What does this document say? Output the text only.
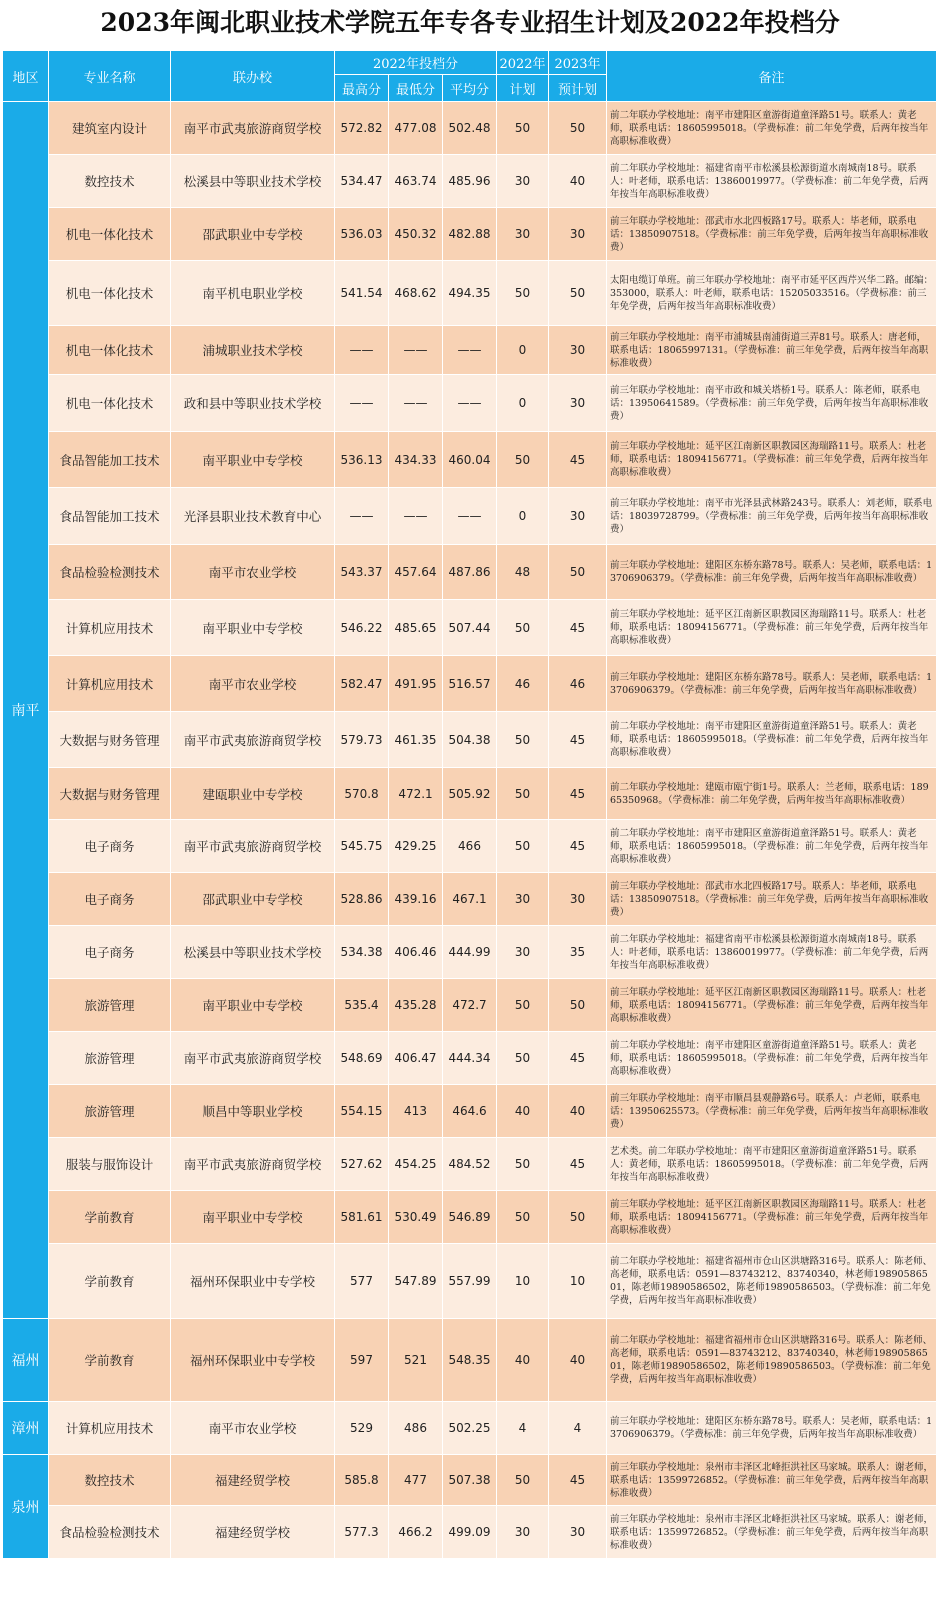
2023年闽北职业技术学院五年专各专业招生计划及2022年投档分
地区	专业名称	联办校	2022年投档分			2022年	2023年	备注
			最高分	最低分	平均分	计划	预计划	
南平	建筑室内设计	南平市武夷旅游商贸学校	572.82	477.08	502.48	50	50	前二年联办学校地址：南平市建阳区童游街道童泽路51号。联系人：黄老师，联系电话：18605995018。（学费标准：前二年免学费，后两年按当年高职标准收费）
	数控技术	松溪县中等职业技术学校	534.47	463.74	485.96	30	40	前二年联办学校地址：福建省南平市松溪县松源街道水南城南18号。联系人：叶老师，联系电话：13860019977。（学费标准：前二年免学费，后两年按当年高职标准收费）
	机电一体化技术	邵武职业中专学校	536.03	450.32	482.88	30	30	前三年联办学校地址：邵武市水北四板路17号。联系人：毕老师，联系电话：13850907518。（学费标准：前三年免学费，后两年按当年高职标准收费）
	机电一体化技术	南平机电职业学校	541.54	468.62	494.35	50	50	太阳电缆订单班。前三年联办学校地址：南平市延平区西芹兴华二路。邮编：353000，联系人：叶老师，联系电话：15205033516。（学费标准：前三年免学费，后两年按当年高职标准收费）
	机电一体化技术	浦城职业技术学校	——	——	——	0	30	前三年联办学校地址：南平市浦城县南浦街道三弄81号。联系人：唐老师，联系电话：18065997131。（学费标准：前三年免学费，后两年按当年高职标准收费）
	机电一体化技术	政和县中等职业技术学校	——	——	——	0	30	前三年联办学校地址：南平市政和城关塔桥1号。联系人：陈老师，联系电话：13950641589。（学费标准：前三年免学费，后两年按当年高职标准收费）
	食品智能加工技术	南平职业中专学校	536.13	434.33	460.04	50	45	前三年联办学校地址：延平区江南新区职教园区海瑞路11号。联系人：杜老师，联系电话：18094156771。（学费标准：前三年免学费，后两年按当年高职标准收费）
	食品智能加工技术	光泽县职业技术教育中心	——	——	——	0	30	前三年联办学校地址：南平市光泽县武林路243号。联系人：刘老师，联系电话：18039728799。（学费标准：前三年免学费，后两年按当年高职标准收费）
	食品检验检测技术	南平市农业学校	543.37	457.64	487.86	48	50	前三年联办学校地址：建阳区东桥东路78号。联系人：吴老师，联系电话：13706906379。（学费标准：前三年免学费，后两年按当年高职标准收费）
	计算机应用技术	南平职业中专学校	546.22	485.65	507.44	50	45	前三年联办学校地址：延平区江南新区职教园区海瑞路11号。联系人：杜老师，联系电话：18094156771。（学费标准：前三年免学费，后两年按当年高职标准收费）
	计算机应用技术	南平市农业学校	582.47	491.95	516.57	46	46	前三年联办学校地址：建阳区东桥东路78号。联系人：吴老师，联系电话：13706906379。（学费标准：前三年免学费，后两年按当年高职标准收费）
	大数据与财务管理	南平市武夷旅游商贸学校	579.73	461.35	504.38	50	45	前二年联办学校地址：南平市建阳区童游街道童泽路51号。联系人：黄老师，联系电话：18605995018。（学费标准：前二年免学费，后两年按当年高职标准收费）
	大数据与财务管理	建瓯职业中专学校	570.8	472.1	505.92	50	45	前二年联办学校地址：建瓯市瓯宁街1号。联系人：兰老师，联系电话：18965350968。（学费标准：前二年免学费，后两年按当年高职标准收费）
	电子商务	南平市武夷旅游商贸学校	545.75	429.25	466	50	45	前二年联办学校地址：南平市建阳区童游街道童泽路51号。联系人：黄老师，联系电话：18605995018。（学费标准：前二年免学费，后两年按当年高职标准收费）
	电子商务	邵武职业中专学校	528.86	439.16	467.1	30	30	前三年联办学校地址：邵武市水北四板路17号。联系人：毕老师，联系电话：13850907518。（学费标准：前三年免学费，后两年按当年高职标准收费）
	电子商务	松溪县中等职业技术学校	534.38	406.46	444.99	30	35	前二年联办学校地址：福建省南平市松溪县松源街道水南城南18号。联系人：叶老师，联系电话：13860019977。（学费标准：前二年免学费，后两年按当年高职标准收费）
	旅游管理	南平职业中专学校	535.4	435.28	472.7	50	50	前三年联办学校地址：延平区江南新区职教园区海瑞路11号。联系人：杜老师，联系电话：18094156771。（学费标准：前三年免学费，后两年按当年高职标准收费）
	旅游管理	南平市武夷旅游商贸学校	548.69	406.47	444.34	50	45	前二年联办学校地址：南平市建阳区童游街道童泽路51号。联系人：黄老师，联系电话：18605995018。（学费标准：前二年免学费，后两年按当年高职标准收费）
	旅游管理	顺昌中等职业学校	554.15	413	464.6	40	40	前三年联办学校地址：南平市顺昌县观静路6号。联系人：卢老师，联系电话：13950625573。（学费标准：前三年免学费，后两年按当年高职标准收费）
	服装与服饰设计	南平市武夷旅游商贸学校	527.62	454.25	484.52	50	45	艺术类。前二年联办学校地址：南平市建阳区童游街道童泽路51号。联系人：黄老师，联系电话：18605995018。（学费标准：前二年免学费，后两年按当年高职标准收费）
	学前教育	南平职业中专学校	581.61	530.49	546.89	50	50	前三年联办学校地址：延平区江南新区职教园区海瑞路11号。联系人：杜老师，联系电话：18094156771。（学费标准：前三年免学费，后两年按当年高职标准收费）
	学前教育	福州环保职业中专学校	577	547.89	557.99	10	10	前二年联办学校地址：福建省福州市仓山区洪塘路316号。联系人：陈老师、高老师，联系电话：0591—83743212、83740340，林老师19890586501，陈老师19890586502，陈老师19890586503。（学费标准：前二年免学费，后两年按当年高职标准收费）
福州	学前教育	福州环保职业中专学校	597	521	548.35	40	40	前二年联办学校地址：福建省福州市仓山区洪塘路316号。联系人：陈老师、高老师，联系电话：0591—83743212、83740340，林老师19890586501，陈老师19890586502，陈老师19890586503。（学费标准：前二年免学费，后两年按当年高职标准收费）
漳州	计算机应用技术	南平市农业学校	529	486	502.25	4	4	前三年联办学校地址：建阳区东桥东路78号。联系人：吴老师，联系电话：13706906379。（学费标准：前三年免学费，后两年按当年高职标准收费）
泉州	数控技术	福建经贸学校	585.8	477	507.38	50	45	前三年联办学校地址：泉州市丰泽区北峰拒洪社区马家城。联系人：谢老师，联系电话：13599726852。（学费标准：前三年免学费，后两年按当年高职标准收费）
	食品检验检测技术	福建经贸学校	577.3	466.2	499.09	30	30	前三年联办学校地址：泉州市丰泽区北峰拒洪社区马家城。联系人：谢老师，联系电话：13599726852。（学费标准：前三年免学费，后两年按当年高职标准收费）
